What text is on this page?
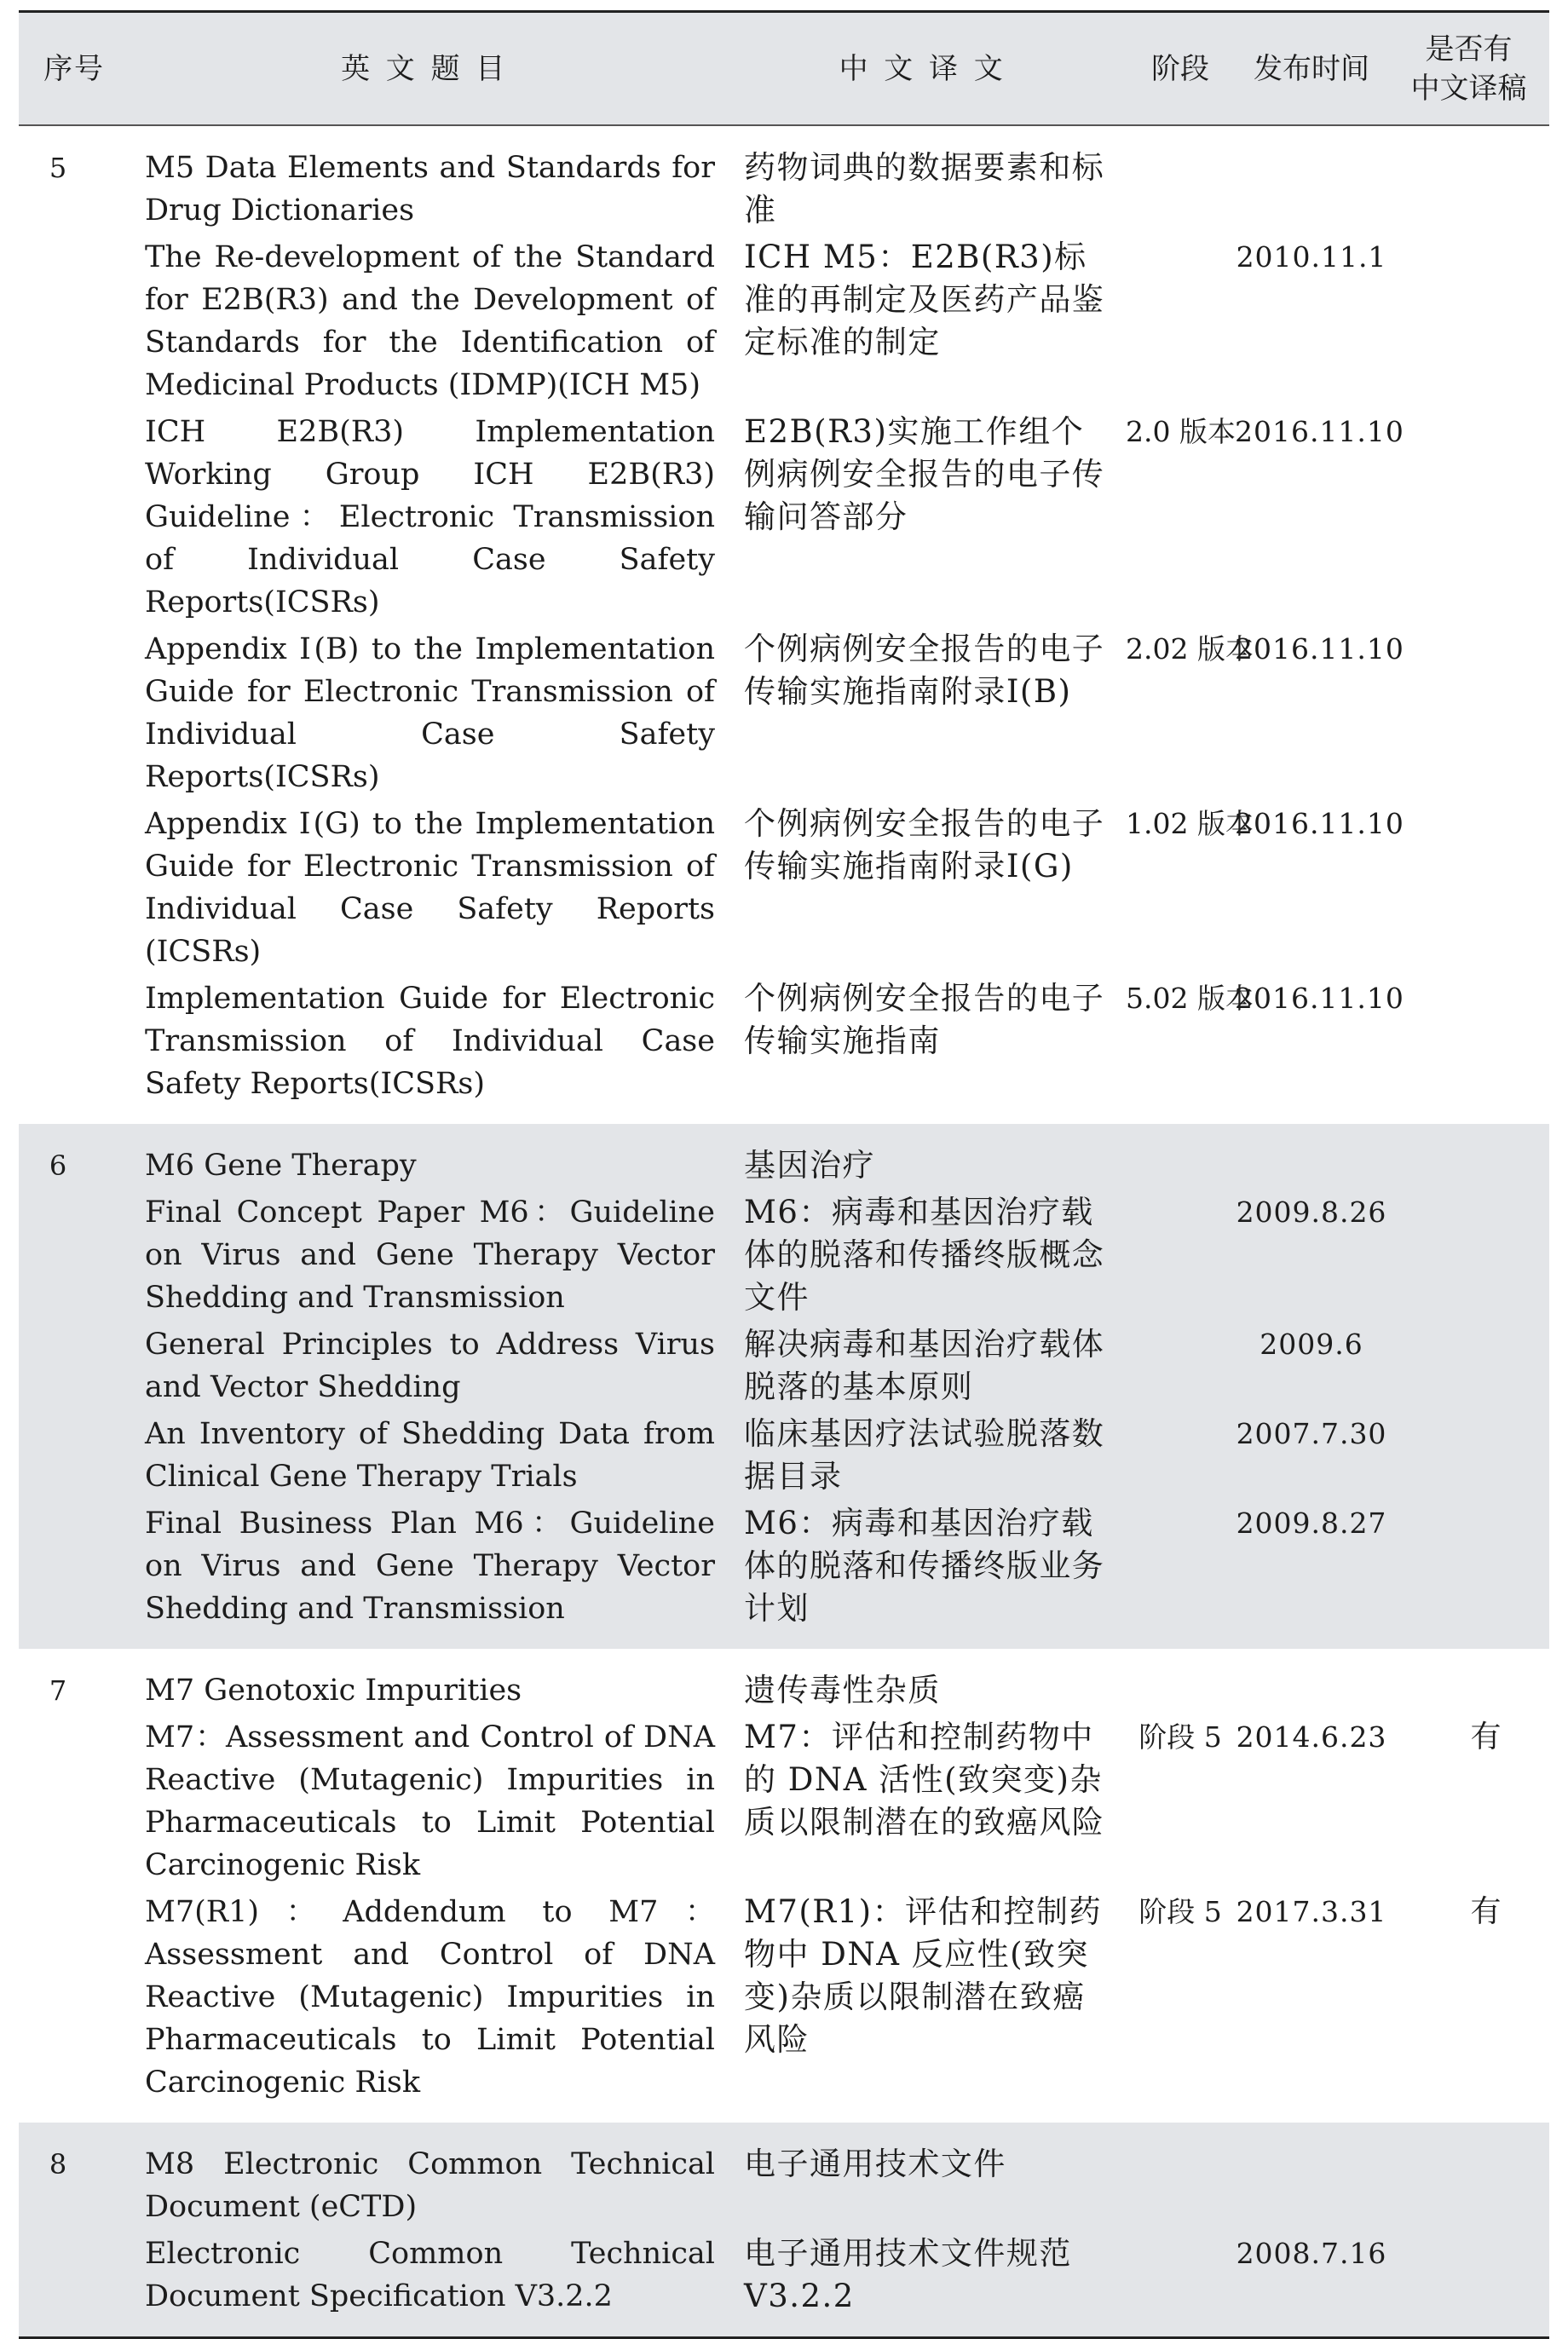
序号	英文题目	中文译文	阶段	发布时间	是否有
中文译稿

5	M5 Data Elements and Standards for Drug Dictionaries	药物词典的数据要素和标准			
	The Re-development of the Standard for E2B(R3) and the Development of Standards for the Identification of Medicinal Products (IDMP)(ICH M5)	ICH M5：E2B(R3)标准的再制定及医药产品鉴定标准的制定		2010.11.1	
	ICH E2B(R3) Implementation Working Group ICH E2B(R3) Guideline：Electronic Transmission of Individual Case Safety Reports(ICSRs)	E2B(R3)实施工作组个例病例安全报告的电子传输问答部分	2.0 版本	2016.11.10	
	Appendix Ⅰ(B) to the Implementation Guide for Electronic Transmission of Individual Case Safety Reports(ICSRs)	个例病例安全报告的电子传输实施指南附录Ⅰ(B)	2.02 版本	2016.11.10	
	Appendix Ⅰ(G) to the Implementation Guide for Electronic Transmission of Individual Case Safety Reports (ICSRs)	个例病例安全报告的电子传输实施指南附录Ⅰ(G)	1.02 版本	2016.11.10	
	Implementation Guide for Electronic Transmission of Individual Case Safety Reports(ICSRs)	个例病例安全报告的电子传输实施指南	5.02 版本	2016.11.10	
6	M6 Gene Therapy	基因治疗			
	Final Concept Paper M6：Guideline on Virus and Gene Therapy Vector Shedding and Transmission	M6：病毒和基因治疗载体的脱落和传播终版概念文件		2009.8.26	
	General Principles to Address Virus and Vector Shedding	解决病毒和基因治疗载体脱落的基本原则		2009.6	
	An Inventory of Shedding Data from Clinical Gene Therapy Trials	临床基因疗法试验脱落数据目录		2007.7.30	
	Final Business Plan M6：Guideline on Virus and Gene Therapy Vector Shedding and Transmission	M6：病毒和基因治疗载体的脱落和传播终版业务计划		2009.8.27	
7	M7 Genotoxic Impurities	遗传毒性杂质			
	M7：Assessment and Control of DNA Reactive (Mutagenic) Impurities in Pharmaceuticals to Limit Potential Carcinogenic Risk	M7：评估和控制药物中的 DNA 活性(致突变)杂质以限制潜在的致癌风险	阶段 5	2014.6.23	有
	M7(R1)：Addendum to M7：Assessment and Control of DNA Reactive (Mutagenic) Impurities in Pharmaceuticals to Limit Potential Carcinogenic Risk	M7(R1)：评估和控制药物中 DNA 反应性(致突变)杂质以限制潜在致癌风险	阶段 5	2017.3.31	有
8	M8 Electronic Common Technical Document (eCTD)	电子通用技术文件			
	Electronic Common Technical Document Specification V3.2.2	电子通用技术文件规范 V3.2.2		2008.7.16	
